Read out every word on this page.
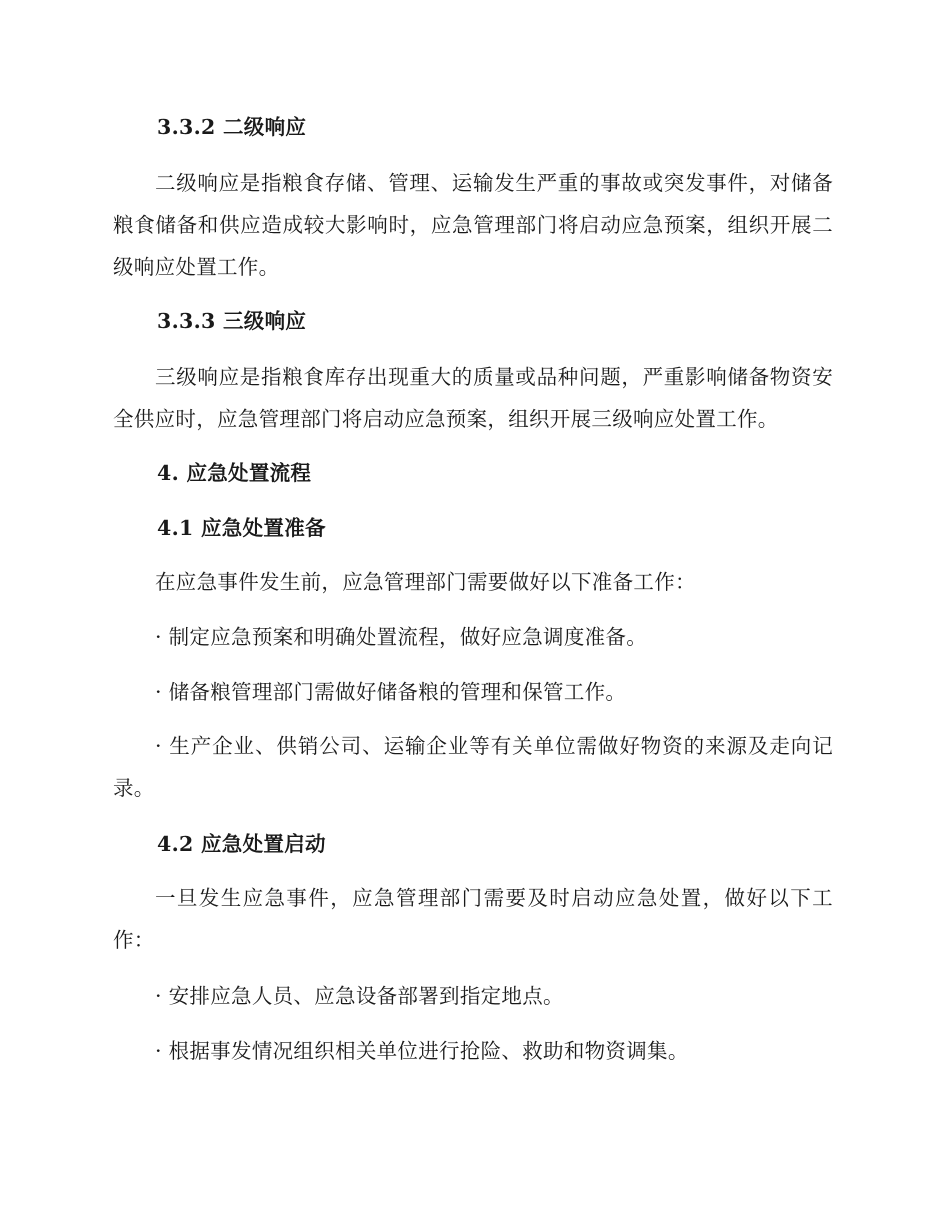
3.3.2 二级响应

二级响应是指粮食存储、管理、运输发生严重的事故或突发事件，对储备粮食储备和供应造成较大影响时，应急管理部门将启动应急预案，组织开展二级响应处置工作。

3.3.3 三级响应

三级响应是指粮食库存出现重大的质量或品种问题，严重影响储备物资安全供应时，应急管理部门将启动应急预案，组织开展三级响应处置工作。

4. 应急处置流程

4.1 应急处置准备

在应急事件发生前，应急管理部门需要做好以下准备工作：

· 制定应急预案和明确处置流程，做好应急调度准备。

· 储备粮管理部门需做好储备粮的管理和保管工作。

· 生产企业、供销公司、运输企业等有关单位需做好物资的来源及走向记录。

4.2 应急处置启动

一旦发生应急事件，应急管理部门需要及时启动应急处置，做好以下工作：

· 安排应急人员、应急设备部署到指定地点。

· 根据事发情况组织相关单位进行抢险、救助和物资调集。
